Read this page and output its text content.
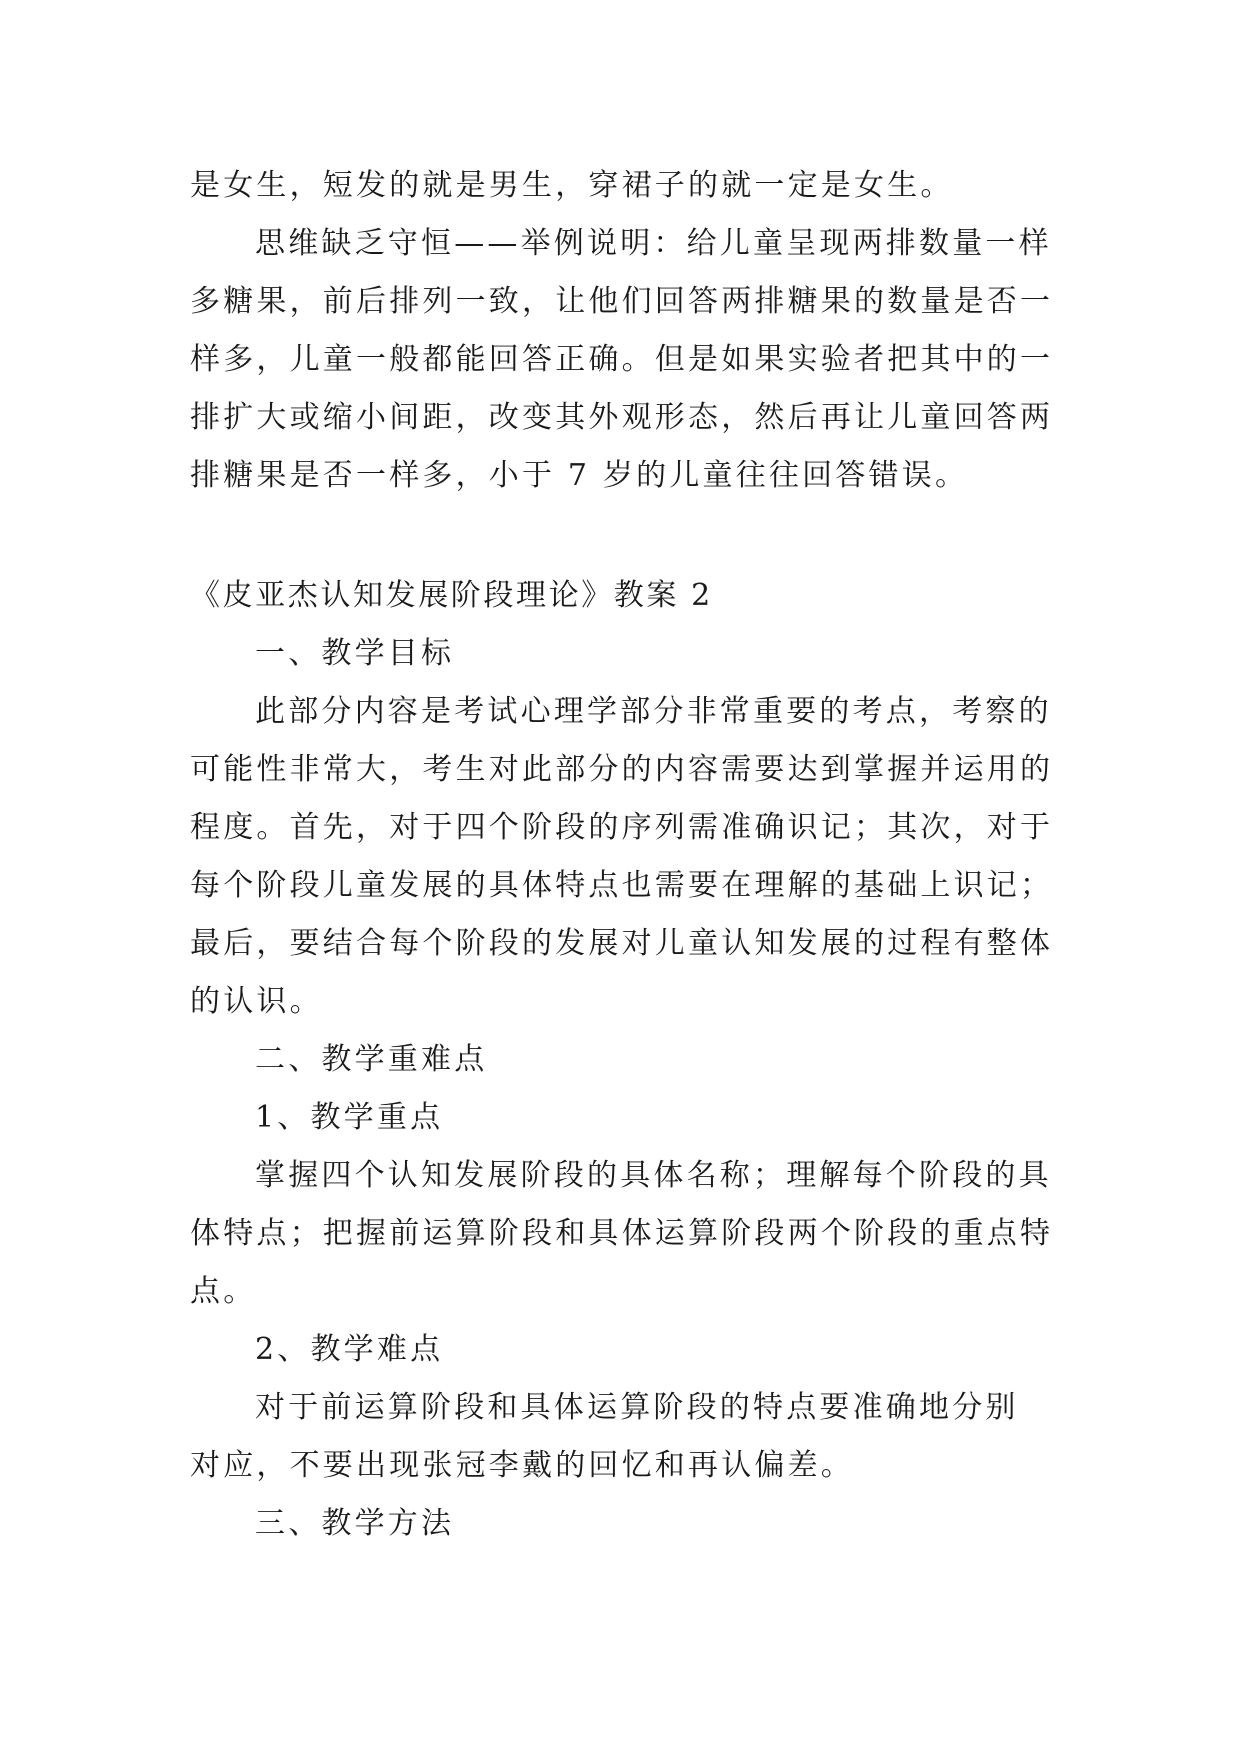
是女生，短发的就是男生，穿裙子的就一定是女生。
思维缺乏守恒——举例说明：给儿童呈现两排数量一样
多糖果，前后排列一致，让他们回答两排糖果的数量是否一
样多，儿童一般都能回答正确。但是如果实验者把其中的一
排扩大或缩小间距，改变其外观形态，然后再让儿童回答两
排糖果是否一样多，小于 7 岁的儿童往往回答错误。
《皮亚杰认知发展阶段理论》教案 2
一、教学目标
此部分内容是考试心理学部分非常重要的考点，考察的
可能性非常大，考生对此部分的内容需要达到掌握并运用的
程度。首先，对于四个阶段的序列需准确识记；其次，对于
每个阶段儿童发展的具体特点也需要在理解的基础上识记；
最后，要结合每个阶段的发展对儿童认知发展的过程有整体
的认识。
二、教学重难点
1、教学重点
掌握四个认知发展阶段的具体名称；理解每个阶段的具
体特点；把握前运算阶段和具体运算阶段两个阶段的重点特
点。
2、教学难点
对于前运算阶段和具体运算阶段的特点要准确地分别
对应，不要出现张冠李戴的回忆和再认偏差。
三、教学方法
